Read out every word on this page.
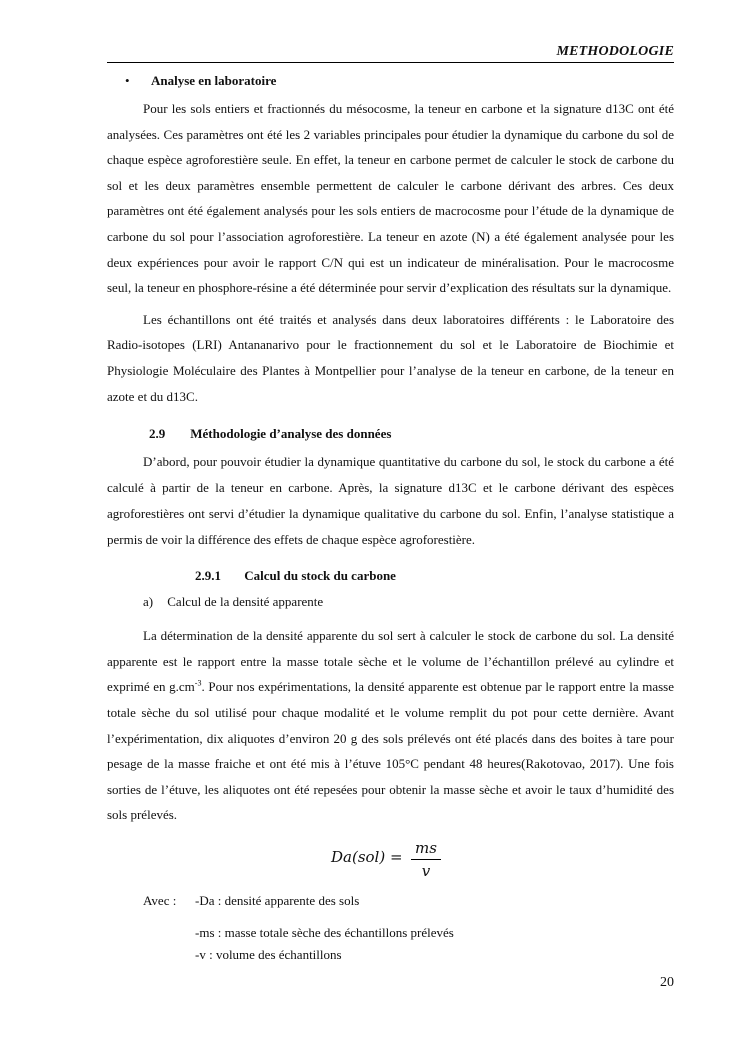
METHODOLOGIE
•	Analyse en laboratoire

Pour les sols entiers et fractionnés du mésocosme, la teneur en carbone et la signature d13C ont été analysées. Ces paramètres ont été les 2 variables principales pour étudier la dynamique du carbone du sol de chaque espèce agroforestière seule. En effet, la teneur en carbone permet de calculer le stock de carbone du sol et les deux paramètres ensemble permettent de calculer le carbone dérivant des arbres. Ces deux paramètres ont été également analysés pour les sols entiers de macrocosme pour l’étude de la dynamique de carbone du sol pour l’association agroforestière. La teneur en azote (N) a été également analysée pour les deux expériences pour avoir le rapport C/N qui est un indicateur de minéralisation. Pour le macrocosme seul, la teneur en phosphore-résine a été déterminée pour servir d’explication des résultats sur la dynamique.

Les échantillons ont été traités et analysés dans deux laboratoires différents : le Laboratoire des Radio-isotopes (LRI) Antananarivo pour le fractionnement du sol et le Laboratoire de Biochimie et Physiologie Moléculaire des Plantes à Montpellier pour l’analyse de la teneur en carbone, de la teneur en azote et du d13C.

2.9 Méthodologie d’analyse des données

D’abord, pour pouvoir étudier la dynamique quantitative du carbone du sol, le stock du carbone a été calculé à partir de la teneur en carbone. Après, la signature d13C et le carbone dérivant des espèces agroforestières ont servi d’étudier la dynamique qualitative du carbone du sol. Enfin, l’analyse statistique a permis de voir la différence des effets de chaque espèce agroforestière.

2.9.1 Calcul du stock du carbone
a) Calcul de la densité apparente

La détermination de la densité apparente du sol sert à calculer le stock de carbone du sol. La densité apparente est le rapport entre la masse totale sèche et le volume de l’échantillon prélevé au cylindre et exprimé en $g.cm^{-3}$. Pour nos expérimentations, la densité apparente est obtenue par le rapport entre la masse totale sèche du sol utilisé pour chaque modalité et le volume remplit du pot pour cette dernière. Avant l’expérimentation, dix aliquotes d’environ 20 g des sols prélevés ont été placés dans des boites à tare pour pesage de la masse fraiche et ont été mis à l’étuve 105°C pendant 48 heures(Rakotovao, 2017). Une fois sorties de l’étuve, les aliquotes ont été repesées pour obtenir la masse sèche et avoir le taux d’humidité des sols prélevés.

Da(sol) = ms
v
Avec :	-Da : densité apparente des sols
-ms : masse totale sèche des échantillons prélevés
-v : volume des échantillons
20
